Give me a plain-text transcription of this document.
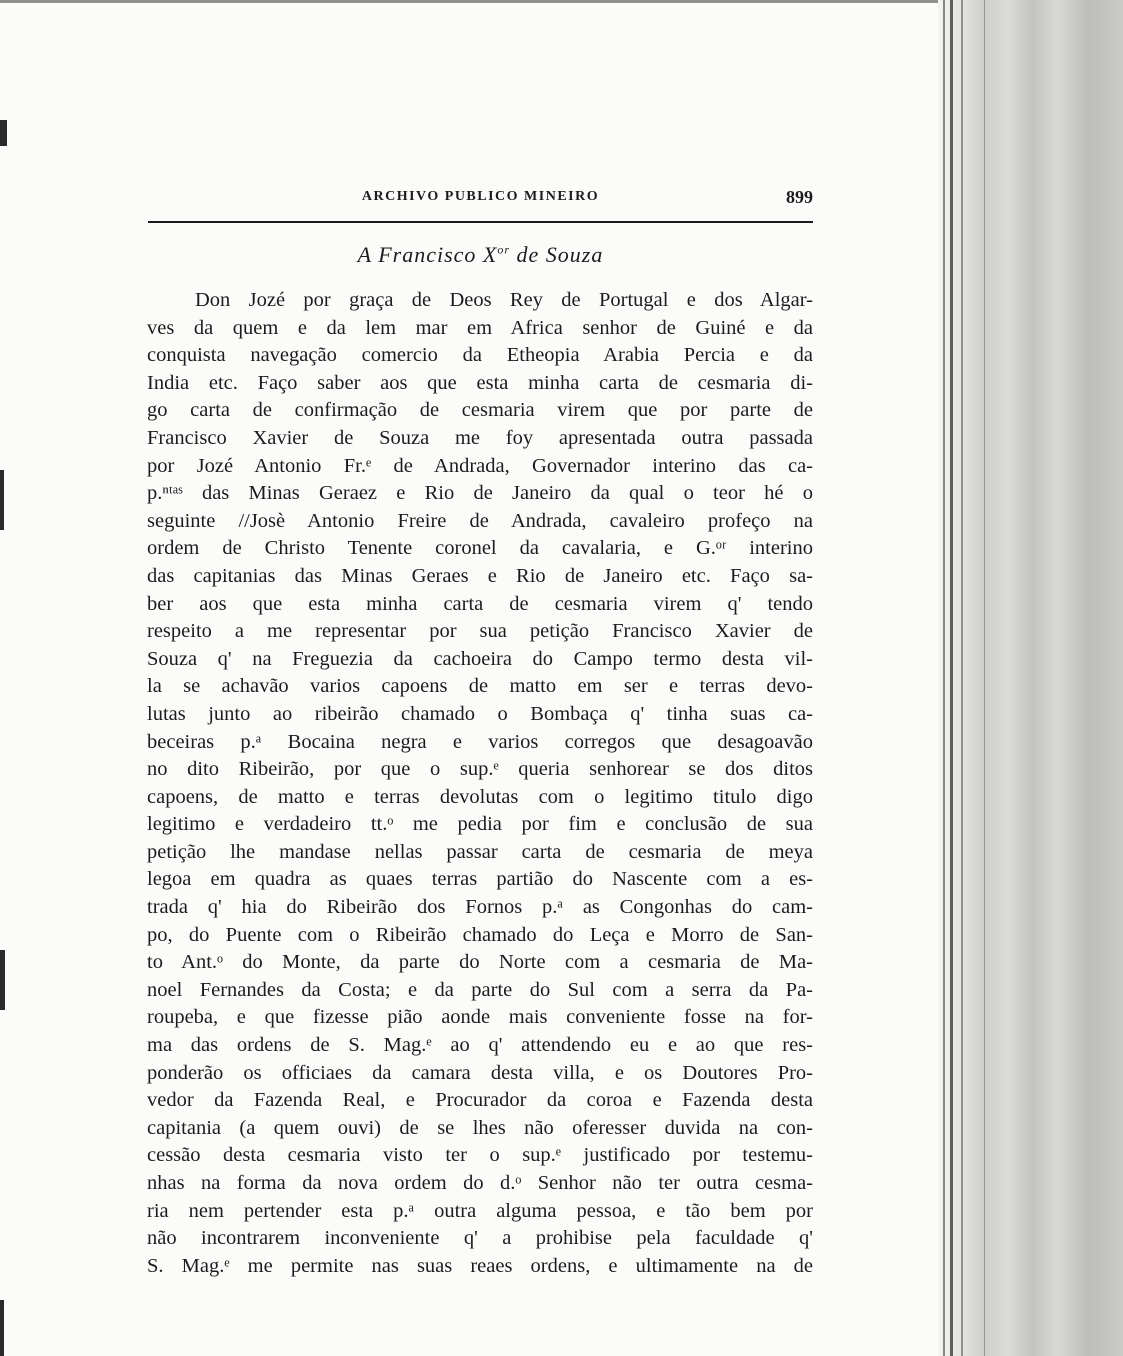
ARCHIVO PUBLICO MINEIRO	899
A Francisco $X^{or}$ de Souza
Don Jozé por graça de Deos Rey de Portugal e dos Algar-
ves da quem e da lem mar em Africa senhor de Guiné e da
conquista navegação comercio da Etheopia Arabia Percia e da
India etc. Faço saber aos que esta minha carta de cesmaria di-
go carta de confirmação de cesmaria virem que por parte de
Francisco Xavier de Souza me foy apresentada outra passada
por Jozé Antonio Fr.ᵉ de Andrada, Governador interino das ca-
p.ⁿᵗᵃˢ das Minas Geraez e Rio de Janeiro da qual o teor hé o
seguinte //Josè Antonio Freire de Andrada, cavaleiro profeço na
ordem de Christo Tenente coronel da cavalaria, e G.ᵒʳ interino
das capitanias das Minas Geraes e Rio de Janeiro etc. Faço sa-
ber aos que esta minha carta de cesmaria virem q' tendo
respeito a me representar por sua petição Francisco Xavier de
Souza q' na Freguezia da cachoeira do Campo termo desta vil-
la se achavão varios capoens de matto em ser e terras devo-
lutas junto ao ribeirão chamado o Bombaça q' tinha suas ca-
beceiras p.ᵃ Bocaina negra e varios corregos que desagoavão
no dito Ribeirão, por que o sup.ᵉ queria senhorear se dos ditos
capoens, de matto e terras devolutas com o legitimo titulo digo
legitimo e verdadeiro tt.ᵒ me pedia por fim e conclusão de sua
petição lhe mandase nellas passar carta de cesmaria de meya
legoa em quadra as quaes terras partião do Nascente com a es-
trada q' hia do Ribeirão dos Fornos p.ᵃ as Congonhas do cam-
po, do Puente com o Ribeirão chamado do Leça e Morro de San-
to Ant.ᵒ do Monte, da parte do Norte com a cesmaria de Ma-
noel Fernandes da Costa; e da parte do Sul com a serra da Pa-
roupeba, e que fizesse pião aonde mais conveniente fosse na for-
ma das ordens de S. Mag.ᵉ ao q' attendendo eu e ao que res-
ponderão os officiaes da camara desta villa, e os Doutores Pro-
vedor da Fazenda Real, e Procurador da coroa e Fazenda desta
capitania (a quem ouvi) de se lhes não oferesser duvida na con-
cessão desta cesmaria visto ter o sup.ᵉ justificado por testemu-
nhas na forma da nova ordem do d.ᵒ Senhor não ter outra cesma-
ria nem pertender esta p.ᵃ outra alguma pessoa, e tão bem por
não incontrarem inconveniente q' a prohibise pela faculdade q'
S. Mag.ᵉ me permite nas suas reaes ordens, e ultimamente na de
